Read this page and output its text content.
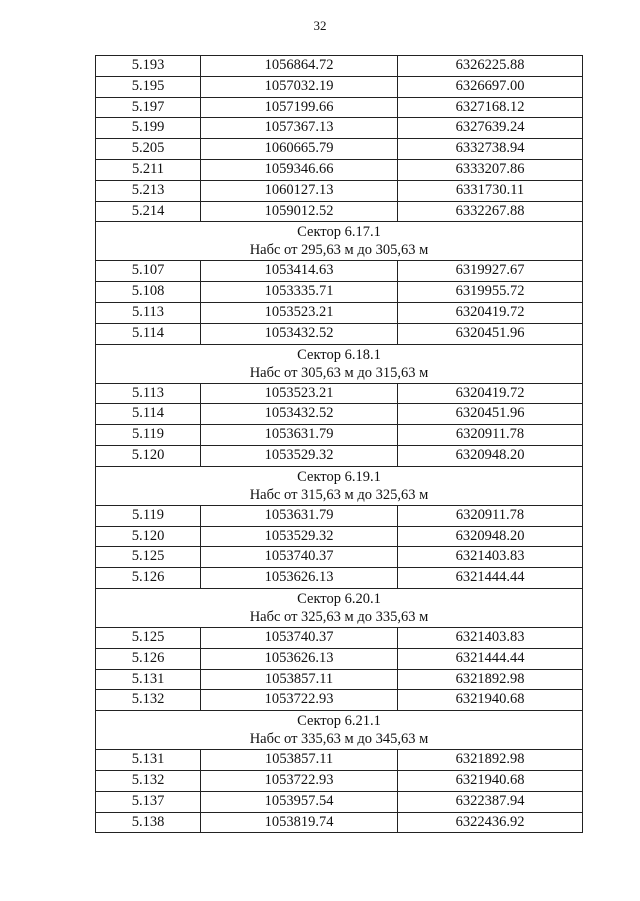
32
5.193	1056864.72	6326225.88
5.195	1057032.19	6326697.00
5.197	1057199.66	6327168.12
5.199	1057367.13	6327639.24
5.205	1060665.79	6332738.94
5.211	1059346.66	6333207.86
5.213	1060127.13	6331730.11
5.214	1059012.52	6332267.88

Сектор 6.17.1
Набс от 295,63 м до 305,63 м		

5.107	1053414.63	6319927.67
5.108	1053335.71	6319955.72
5.113	1053523.21	6320419.72
5.114	1053432.52	6320451.96

Сектор 6.18.1
Набс от 305,63 м до 315,63 м		

5.113	1053523.21	6320419.72
5.114	1053432.52	6320451.96
5.119	1053631.79	6320911.78
5.120	1053529.32	6320948.20

Сектор 6.19.1
Набс от 315,63 м до 325,63 м		

5.119	1053631.79	6320911.78
5.120	1053529.32	6320948.20
5.125	1053740.37	6321403.83
5.126	1053626.13	6321444.44

Сектор 6.20.1
Набс от 325,63 м до 335,63 м		

5.125	1053740.37	6321403.83
5.126	1053626.13	6321444.44
5.131	1053857.11	6321892.98
5.132	1053722.93	6321940.68

Сектор 6.21.1
Набс от 335,63 м до 345,63 м		

5.131	1053857.11	6321892.98
5.132	1053722.93	6321940.68
5.137	1053957.54	6322387.94
5.138	1053819.74	6322436.92
